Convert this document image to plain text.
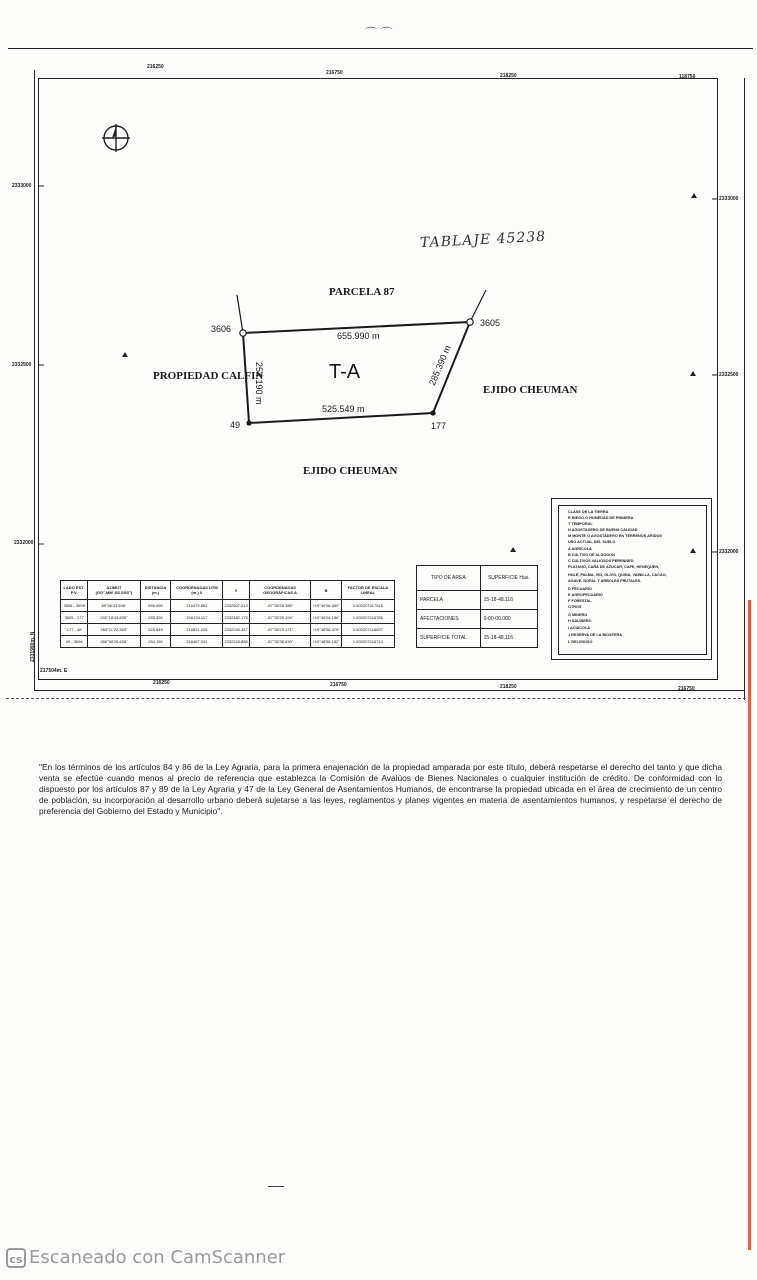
⌒ ⌒
216250
216750	218250	118750
216250	216750	218250	216750
2333000
2332500
2332000
2333000
2332500
2332000
217504m. E
2331990m. N
3606
3605
177
49
655.990 m
525.549 m
285.390 m
254.190 m
PARCELA 87
T-A
PROPIEDAD CALFIN
EJIDO CHEUMAN
EJIDO CHEUMAN
TABLAJE 45238
LADO EST-P.V.	AZIMUT (GG°,MM',SS.SSS")	DISTANCIA (m.)	COORDENADAS UTM (m.) X	Y	COORDENADAS GEOGRÁFICAS A	B	FACTOR DE ESCALA LINEAL
3606 - 3605	89°56'43.598"	655.990	216479.862	2332507.013	-87°35'28.386"	+19°49'06.652"	1.000207417515
3605 - 177	202°18'43.835"	285.390	216134.117	2332482.175	-87°35'25.194"	+19°49'04.186"	1.000207416786
177 - 49	269°11'22.363"	525.549	216821.225	2332240.447	-87°35'23.171"	+19°48'56.475"	1.000207416637
49 - 3606	356°58'26.628"	254.190	216467.041	2332243.888	-87°35'38.630"	+19°48'58.182"	1.000207416714
TIPO DE AREA	SUPERFICIE Has.
PARCELA	15-18-48.116
AFECTACIONES	0-00-00.000
SUPERFICIE TOTAL	15-18-48.116
CLASE DE LA TIERRA
R RIEGO O HUMEDAD DE PRIMERA
T TEMPORAL
H AGOSTADERO DE BUENA CALIDAD
M MONTE O AGOSTADERO EN TERRENOS ARIDOS
USO ACTUAL DEL SUELO
A AGRICOLA
B CULTIVO DE ALGODON
C CULTIVOS VALIOSOS PERENNES:
PLATANO, CAÑA DE AZUCAR, CAFE, HENEQUEN,
HULE, PALMA, VID, OLIVO, QUINA, VAINILLA, CACAO,
AGAVE, NOPAL Y ARBOLES FRUTALES.
D PECUARIO
E AGROPECUARIO
F FORESTAL
OTROS
G MINERO
H SALINERO
I ACUICOLA
J RESERVA DE LA BIOSFERA
L RELIGIOSO
"En los términos de los artículos 84 y 86 de la Ley Agraria, para la primera enajenación de la propiedad amparada por este título, deberá respetarse el derecho del tanto y que dicha venta se efectúe cuando menos al precio de referencia que establezca la Comisión de Avalúos de Bienes Nacionales o cualquier institución de crédito. De conformidad con lo dispuesto por los artículos 87 y 89 de la Ley Agraria y 47 de la Ley General de Asentamientos Humanos, de encontrarse la propiedad ubicada en el área de crecimiento de un centro de población, su incorporación al desarrollo urbano deberá sujetarse a las leyes, reglamentos y planes vigentes en materia de asentamientos humanos, y respetarse el derecho de preferencia del Gobierno del Estado y Municipio".
cs Escaneado con CamScanner
